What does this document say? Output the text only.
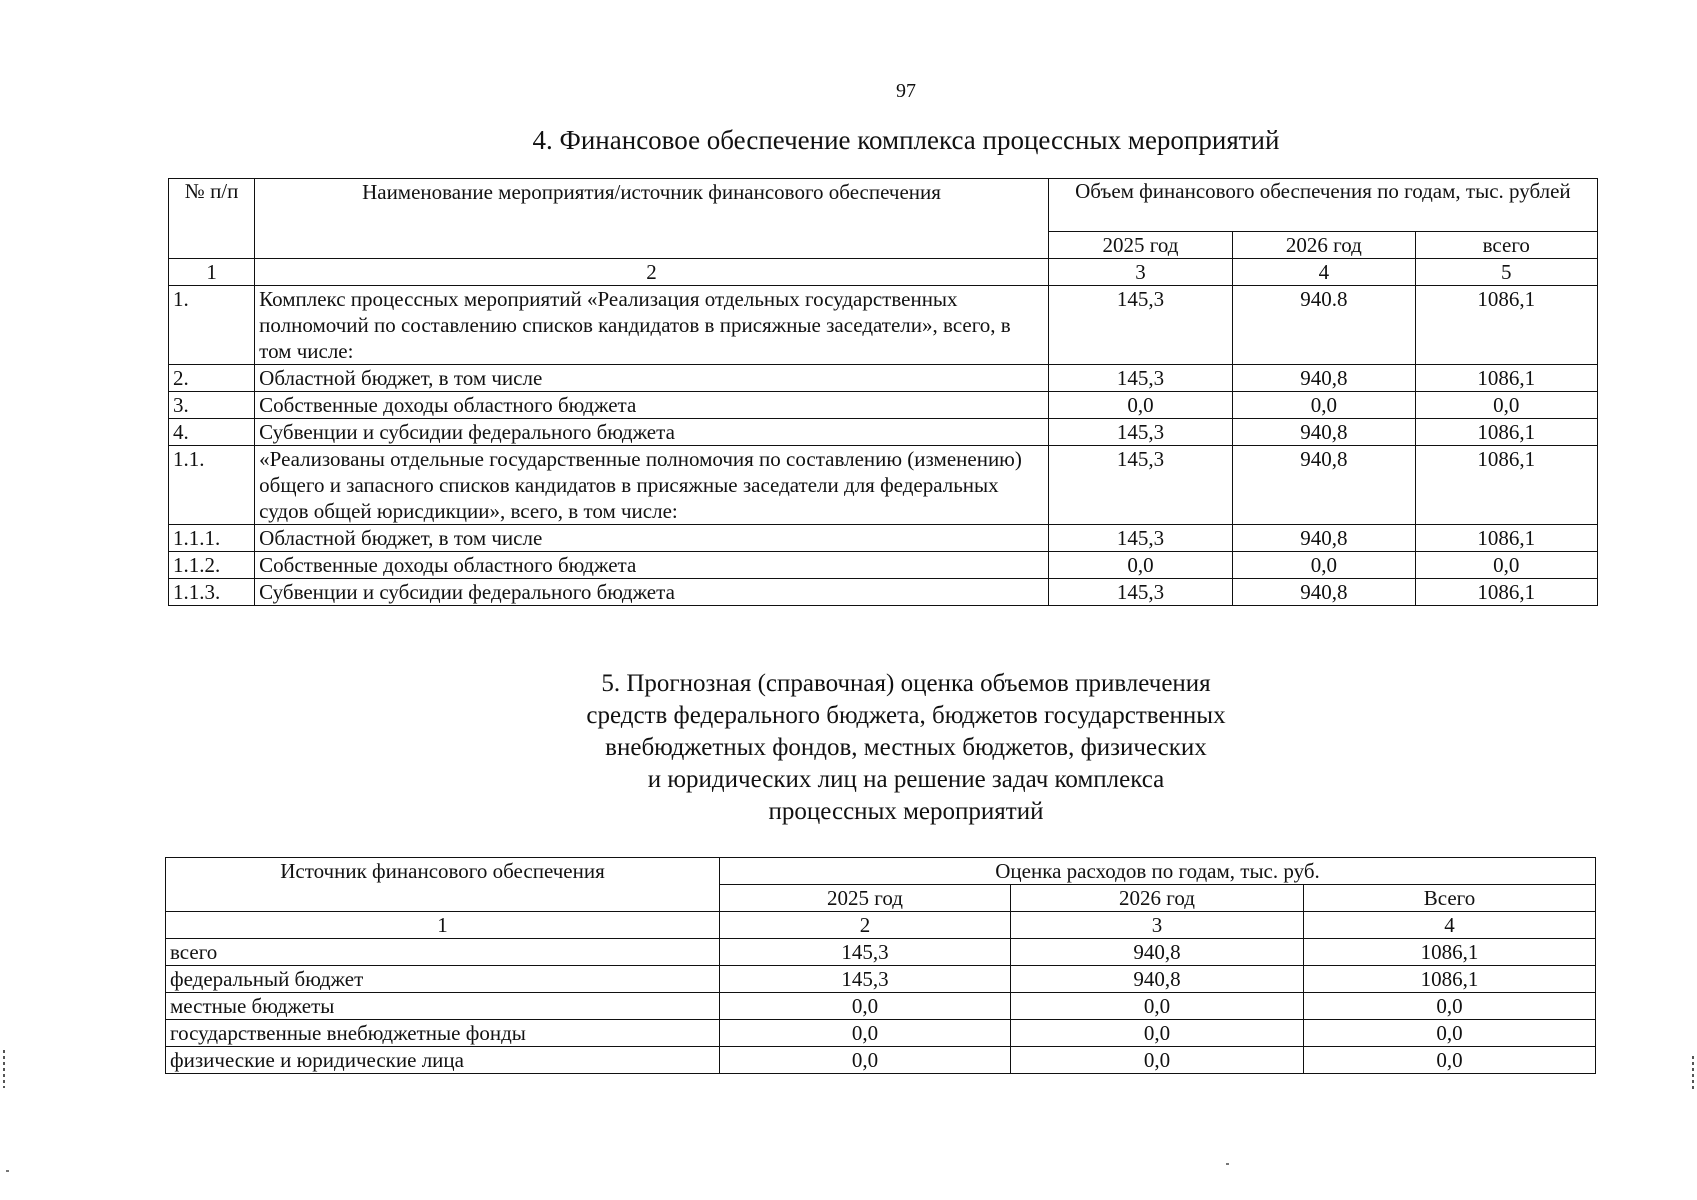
97
4. Финансовое обеспечение комплекса процессных мероприятий
№ п/п	Наименование мероприятия/источник финансового обеспечения	Объем финансового обеспечения по годам, тыс. рублей		
		2025 год	2026 год	всего
1	2	3	4	5
1.	Комплекс процессных мероприятий «Реализация отдельных государственных полномочий по составлению списков кандидатов в присяжные заседатели», всего, в том числе:	145,3	940.8	1086,1
2.	Областной бюджет, в том числе	145,3	940,8	1086,1
3.	Собственные доходы областного бюджета	0,0	0,0	0,0
4.	Субвенции и субсидии федерального бюджета	145,3	940,8	1086,1
1.1.	«Реализованы отдельные государственные полномочия по составлению (изменению) общего и запасного списков кандидатов в присяжные заседатели для федеральных судов общей юрисдикции», всего, в том числе:	145,3	940,8	1086,1
1.1.1.	Областной бюджет, в том числе	145,3	940,8	1086,1
1.1.2.	Собственные доходы областного бюджета	0,0	0,0	0,0
1.1.3.	Субвенции и субсидии федерального бюджета	145,3	940,8	1086,1
5. Прогнозная (справочная) оценка объемов привлечения
средств федерального бюджета, бюджетов государственных
внебюджетных фондов, местных бюджетов, физических
и юридических лиц на решение задач комплекса
процессных мероприятий
Источник финансового обеспечения	Оценка расходов по годам, тыс. руб.		
	2025 год	2026 год	Всего
1	2	3	4
всего	145,3	940,8	1086,1
федеральный бюджет	145,3	940,8	1086,1
местные бюджеты	0,0	0,0	0,0
государственные внебюджетные фонды	0,0	0,0	0,0
физические и юридические лица	0,0	0,0	0,0
